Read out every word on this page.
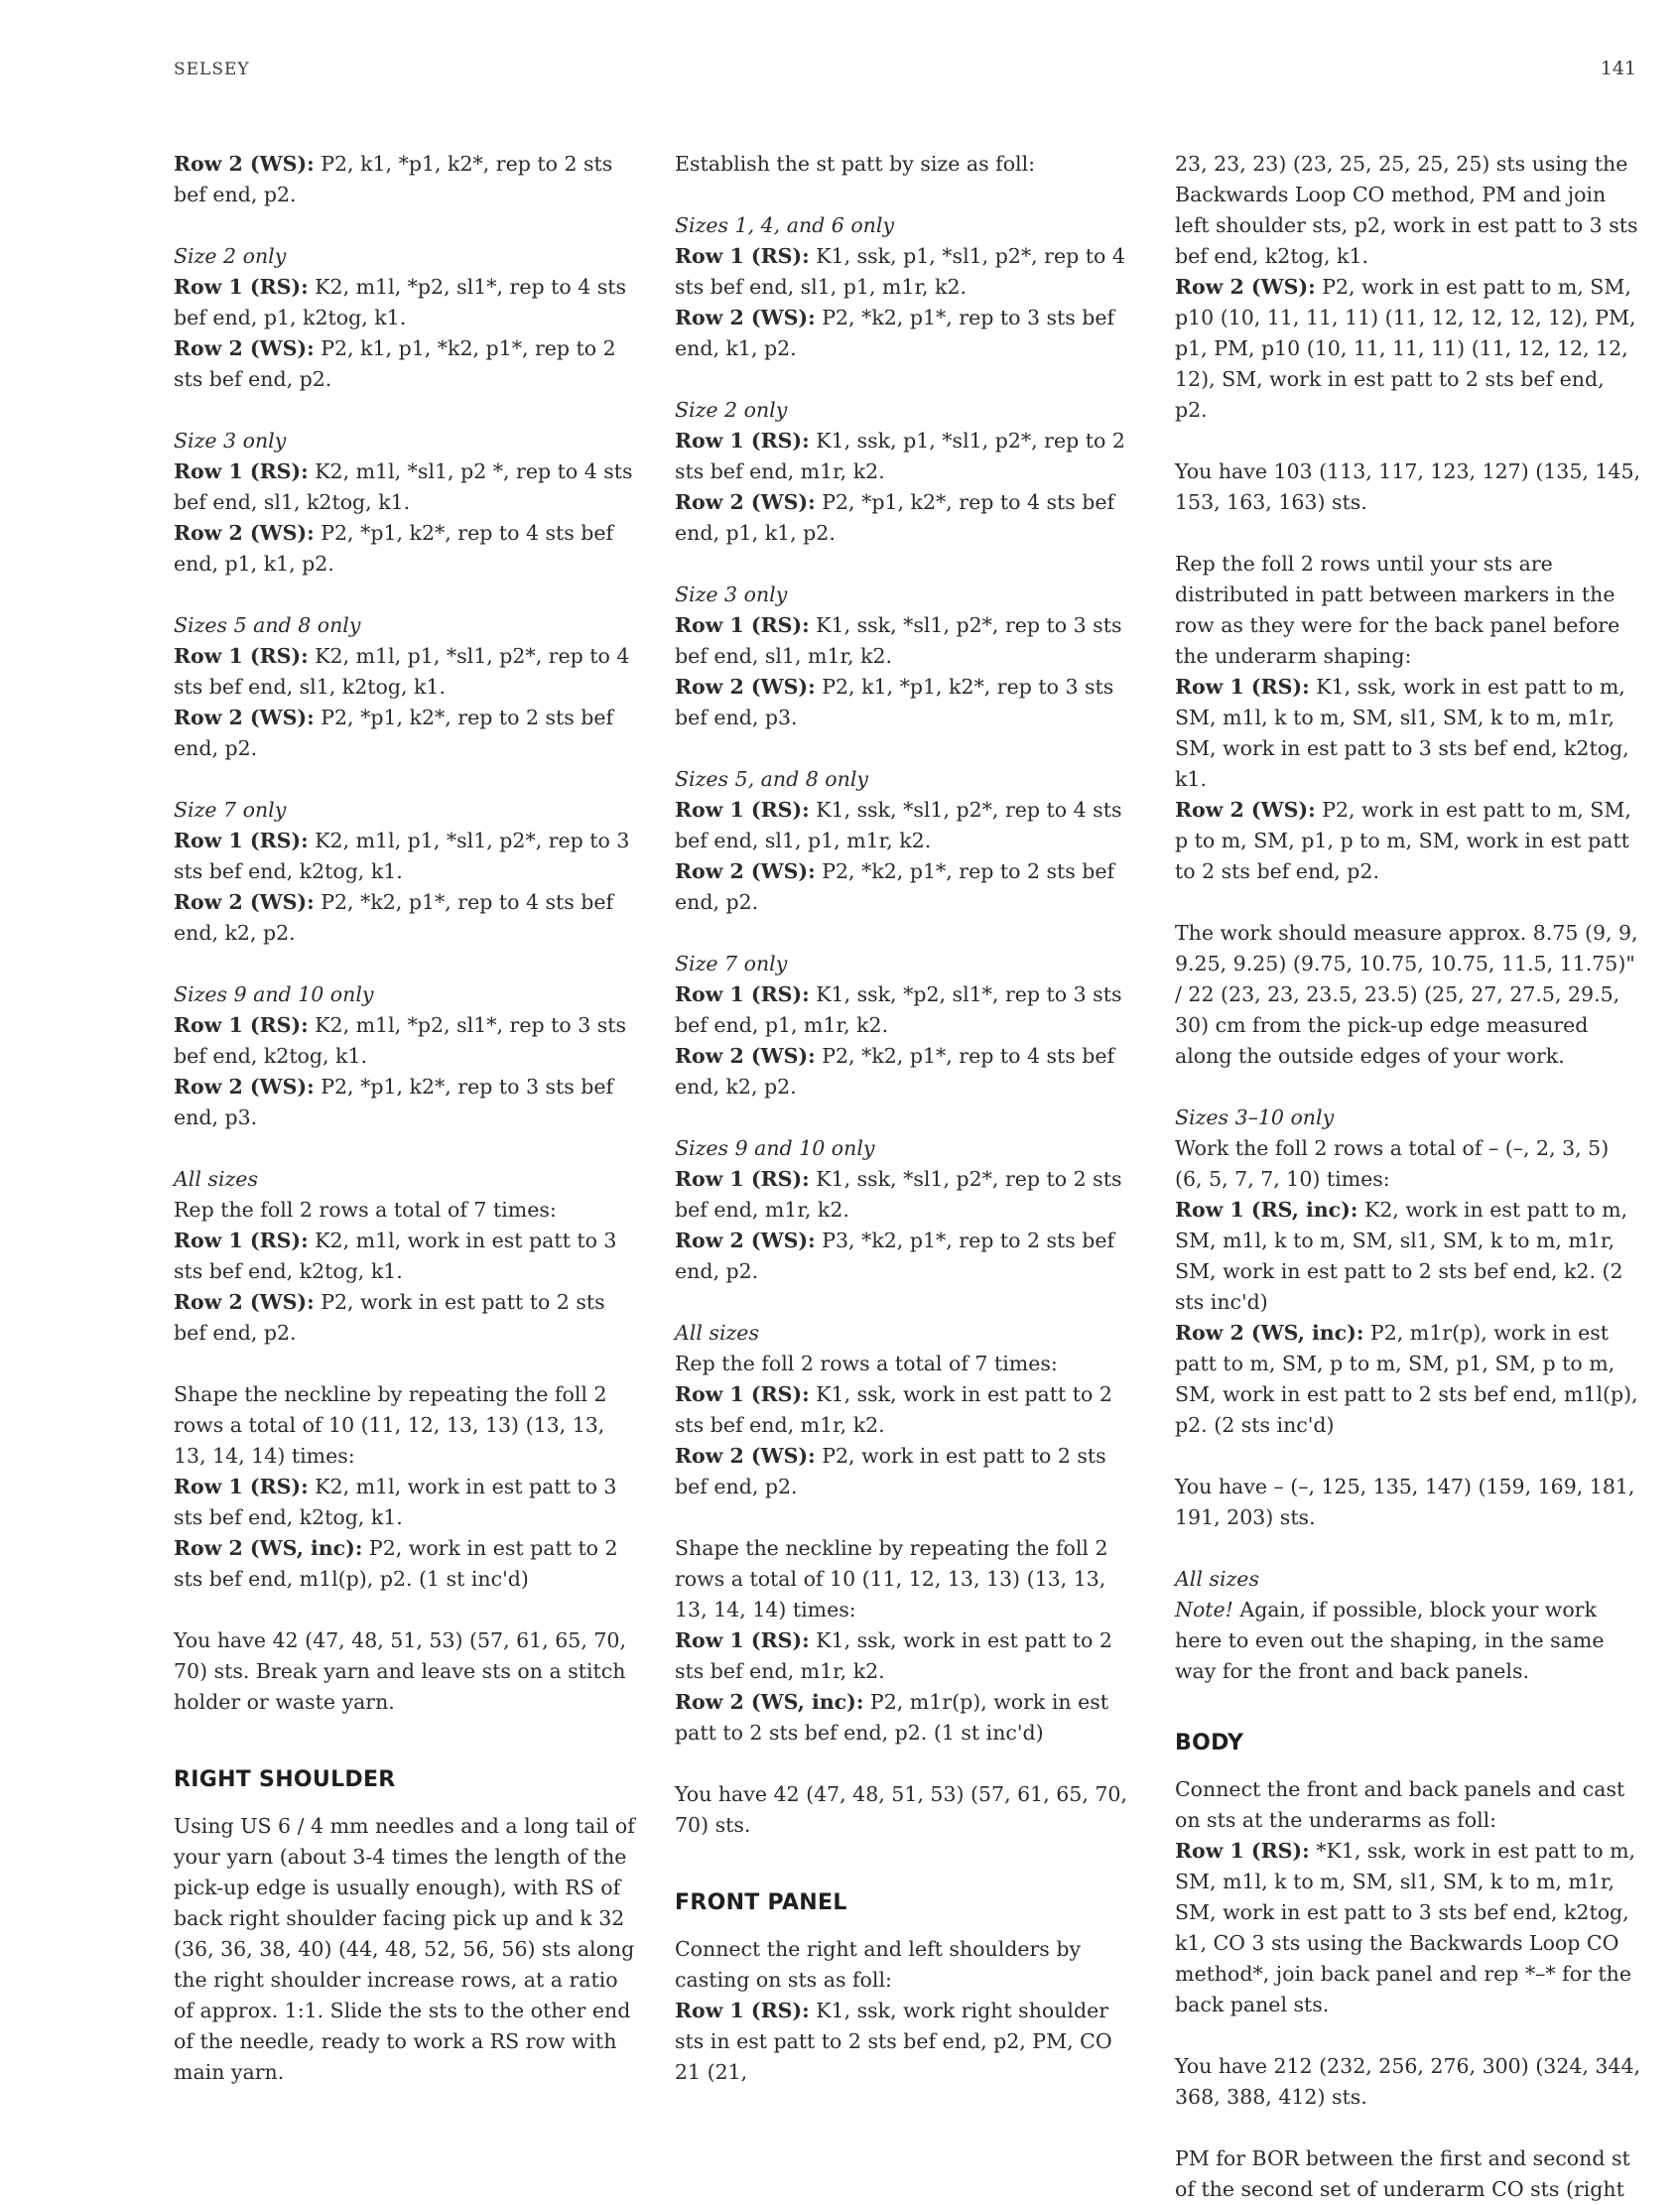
SELSEY	141

Row 2 (WS): P2, k1, *p1, k2*, rep to 2 sts bef end, p2.

Size 2 only
Row 1 (RS): K2, m1l, *p2, sl1*, rep to 4 sts bef end, p1, k2tog, k1.
Row 2 (WS): P2, k1, p1, *k2, p1*, rep to 2 sts bef end, p2.
Size 3 only
Row 1 (RS): K2, m1l, *sl1, p2 *, rep to 4 sts bef end, sl1, k2tog, k1.
Row 2 (WS): P2, *p1, k2*, rep to 4 sts bef end, p1, k1, p2.
Sizes 5 and 8 only
Row 1 (RS): K2, m1l, p1, *sl1, p2*, rep to 4 sts bef end, sl1, k2tog, k1.
Row 2 (WS): P2, *p1, k2*, rep to 2 sts bef end, p2.
Size 7 only
Row 1 (RS): K2, m1l, p1, *sl1, p2*, rep to 3 sts bef end, k2tog, k1.
Row 2 (WS): P2, *k2, p1*, rep to 4 sts bef end, k2, p2.
Sizes 9 and 10 only
Row 1 (RS): K2, m1l, *p2, sl1*, rep to 3 sts bef end, k2tog, k1.
Row 2 (WS): P2, *p1, k2*, rep to 3 sts bef end, p3.
All sizes
Rep the foll 2 rows a total of 7 times:
Row 1 (RS): K2, m1l, work in est patt to 3 sts bef end, k2tog, k1.
Row 2 (WS): P2, work in est patt to 2 sts bef end, p2.
Shape the neckline by repeating the foll 2 rows a total of 10 (11, 12, 13, 13) (13, 13, 13, 14, 14) times:
Row 1 (RS): K2, m1l, work in est patt to 3 sts bef end, k2tog, k1.
Row 2 (WS, inc): P2, work in est patt to 2 sts bef end, m1l(p), p2. (1 st inc'd)

You have 42 (47, 48, 51, 53) (57, 61, 65, 70, 70) sts. Break yarn and leave sts on a stitch holder or waste yarn.

RIGHT SHOULDER

Using US 6 / 4 mm needles and a long tail of your yarn (about 3-4 times the length of the pick-up edge is usually enough), with RS of back right shoulder facing pick up and k 32 (36, 36, 38, 40) (44, 48, 52, 56, 56) sts along the right shoulder increase rows, at a ratio of approx. 1:1. Slide the sts to the other end of the needle, ready to work a RS row with main yarn.

Establish the st patt by size as foll:

Sizes 1, 4, and 6 only
Row 1 (RS): K1, ssk, p1, *sl1, p2*, rep to 4 sts bef end, sl1, p1, m1r, k2.
Row 2 (WS): P2, *k2, p1*, rep to 3 sts bef end, k1, p2.
Size 2 only
Row 1 (RS): K1, ssk, p1, *sl1, p2*, rep to 2 sts bef end, m1r, k2.
Row 2 (WS): P2, *p1, k2*, rep to 4 sts bef end, p1, k1, p2.
Size 3 only
Row 1 (RS): K1, ssk, *sl1, p2*, rep to 3 sts bef end, sl1, m1r, k2.
Row 2 (WS): P2, k1, *p1, k2*, rep to 3 sts bef end, p3.
Sizes 5, and 8 only
Row 1 (RS): K1, ssk, *sl1, p2*, rep to 4 sts bef end, sl1, p1, m1r, k2.
Row 2 (WS): P2, *k2, p1*, rep to 2 sts bef end, p2.
Size 7 only
Row 1 (RS): K1, ssk, *p2, sl1*, rep to 3 sts bef end, p1, m1r, k2.
Row 2 (WS): P2, *k2, p1*, rep to 4 sts bef end, k2, p2.
Sizes 9 and 10 only
Row 1 (RS): K1, ssk, *sl1, p2*, rep to 2 sts bef end, m1r, k2.
Row 2 (WS): P3, *k2, p1*, rep to 2 sts bef end, p2.
All sizes
Rep the foll 2 rows a total of 7 times:
Row 1 (RS): K1, ssk, work in est patt to 2 sts bef end, m1r, k2.
Row 2 (WS): P2, work in est patt to 2 sts bef end, p2.
Shape the neckline by repeating the foll 2 rows a total of 10 (11, 12, 13, 13) (13, 13, 13, 14, 14) times:
Row 1 (RS): K1, ssk, work in est patt to 2 sts bef end, m1r, k2.
Row 2 (WS, inc): P2, m1r(p), work in est patt to 2 sts bef end, p2. (1 st inc'd)

You have 42 (47, 48, 51, 53) (57, 61, 65, 70, 70) sts.

FRONT PANEL
Connect the right and left shoulders by casting on sts as foll:
Row 1 (RS): K1, ssk, work right shoulder sts in est patt to 2 sts bef end, p2, PM, CO 21 (21,
23, 23, 23) (23, 25, 25, 25, 25) sts using the Backwards Loop CO method, PM and join left shoulder sts, p2, work in est patt to 3 sts bef end, k2tog, k1.
Row 2 (WS): P2, work in est patt to m, SM, p10 (10, 11, 11, 11) (11, 12, 12, 12, 12), PM, p1, PM, p10 (10, 11, 11, 11) (11, 12, 12, 12, 12), SM, work in est patt to 2 sts bef end, p2.

You have 103 (113, 117, 123, 127) (135, 145, 153, 163, 163) sts.

Rep the foll 2 rows until your sts are distributed in patt between markers in the row as they were for the back panel before the underarm shaping:
Row 1 (RS): K1, ssk, work in est patt to m, SM, m1l, k to m, SM, sl1, SM, k to m, m1r, SM, work in est patt to 3 sts bef end, k2tog, k1.
Row 2 (WS): P2, work in est patt to m, SM, p to m, SM, p1, p to m, SM, work in est patt to 2 sts bef end, p2.

The work should measure approx. 8.75 (9, 9, 9.25, 9.25) (9.75, 10.75, 10.75, 11.5, 11.75)" / 22 (23, 23, 23.5, 23.5) (25, 27, 27.5, 29.5, 30) cm from the pick-up edge measured along the outside edges of your work.

Sizes 3–10 only
Work the foll 2 rows a total of – (–, 2, 3, 5) (6, 5, 7, 7, 10) times:
Row 1 (RS, inc): K2, work in est patt to m, SM, m1l, k to m, SM, sl1, SM, k to m, m1r, SM, work in est patt to 2 sts bef end, k2. (2 sts inc'd)
Row 2 (WS, inc): P2, m1r(p), work in est patt to m, SM, p to m, SM, p1, SM, p to m, SM, work in est patt to 2 sts bef end, m1l(p), p2. (2 sts inc'd)

You have – (–, 125, 135, 147) (159, 169, 181, 191, 203) sts.

All sizes
Note! Again, if possible, block your work here to even out the shaping, in the same way for the front and back panels.
BODY
Connect the front and back panels and cast on sts at the underarms as foll:
Row 1 (RS): *K1, ssk, work in est patt to m, SM, m1l, k to m, SM, sl1, SM, k to m, m1r, SM, work in est patt to 3 sts bef end, k2tog, k1, CO 3 sts using the Backwards Loop CO method*, join back panel and rep *–* for the back panel sts.

You have 212 (232, 256, 276, 300) (324, 344, 368, 388, 412) sts.

PM for BOR between the first and second st of the second set of underarm CO sts (right
